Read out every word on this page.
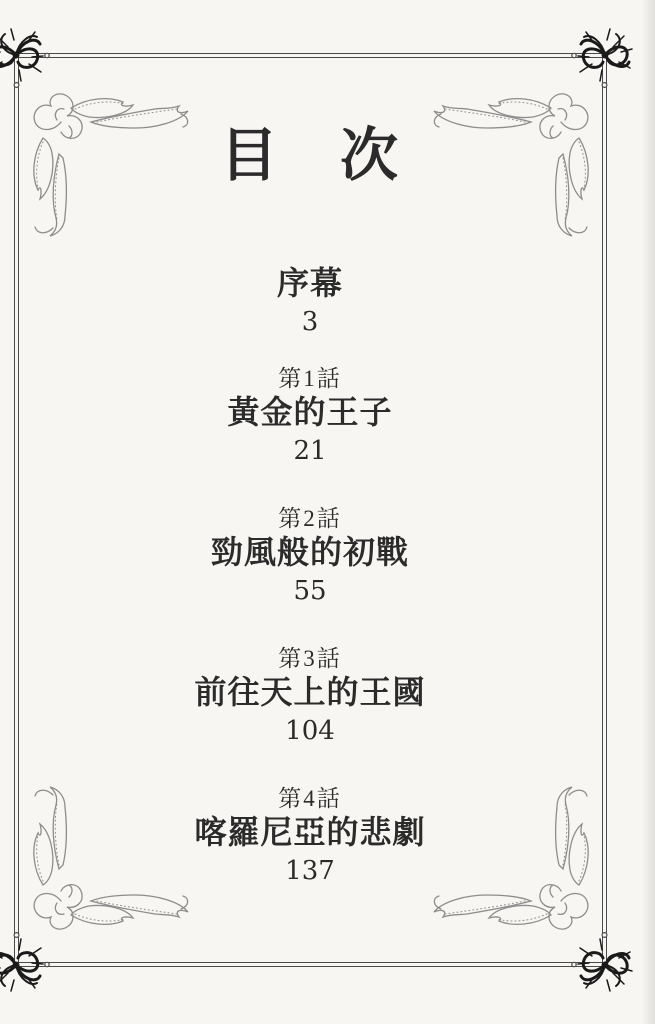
目　次
序幕
3
第1話
黃金的王子
21
第2話
勁風般的初戰
55
第3話
前往天上的王國
104
第4話
喀羅尼亞的悲劇
137
